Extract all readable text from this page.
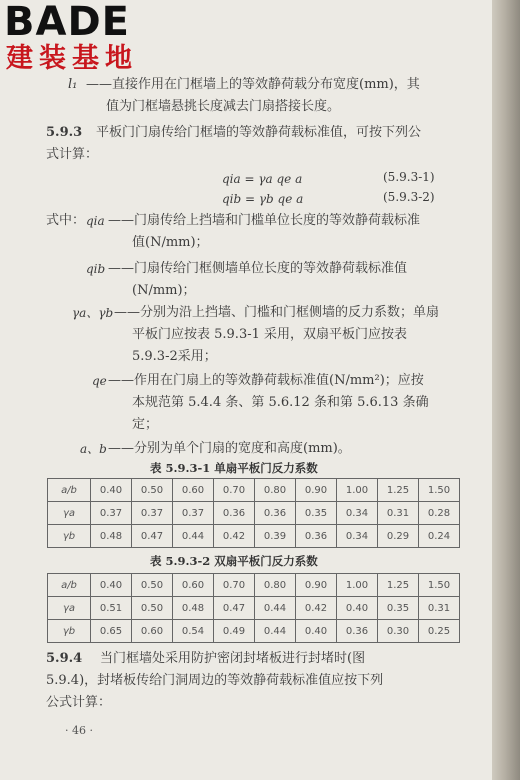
BADE
建装基地
l₁ ——直接作用在门框墙上的等效静荷载分布宽度(mm)，其
值为门框墙悬挑长度减去门扇搭接长度。
5.9.3 平板门门扇传给门框墙的等效静荷载标准值，可按下列公
式计算：
qia = γa qe a	(5.9.3-1)
qib = γb qe a	(5.9.3-2)
式中： qia ——门扇传给上挡墙和门槛单位长度的等效静荷载标准
值(N/mm)；
qib ——门扇传给门框侧墙单位长度的等效静荷载标准值
(N/mm)；
γa、γb ——分别为沿上挡墙、门槛和门框侧墙的反力系数；单扇
平板门应按表 5.9.3-1 采用，双扇平板门应按表
5.9.3-2采用；
qe ——作用在门扇上的等效静荷载标准值(N/mm²)；应按
本规范第 5.4.4 条、第 5.6.12 条和第 5.6.13 条确
定；
a、b ——分别为单个门扇的宽度和高度(mm)。
表 5.9.3-1 单扇平板门反力系数
a/b	0.40	0.50	0.60	0.70	0.80	0.90	1.00	1.25	1.50
γa	0.37	0.37	0.37	0.36	0.36	0.35	0.34	0.31	0.28
γb	0.48	0.47	0.44	0.42	0.39	0.36	0.34	0.29	0.24
表 5.9.3-2 双扇平板门反力系数
a/b	0.40	0.50	0.60	0.70	0.80	0.90	1.00	1.25	1.50
γa	0.51	0.50	0.48	0.47	0.44	0.42	0.40	0.35	0.31
γb	0.65	0.60	0.54	0.49	0.44	0.40	0.36	0.30	0.25
5.9.4 当门框墙处采用防护密闭封堵板进行封堵时(图
5.9.4)，封堵板传给门洞周边的等效静荷载标准值应按下列
公式计算：
· 46 ·
